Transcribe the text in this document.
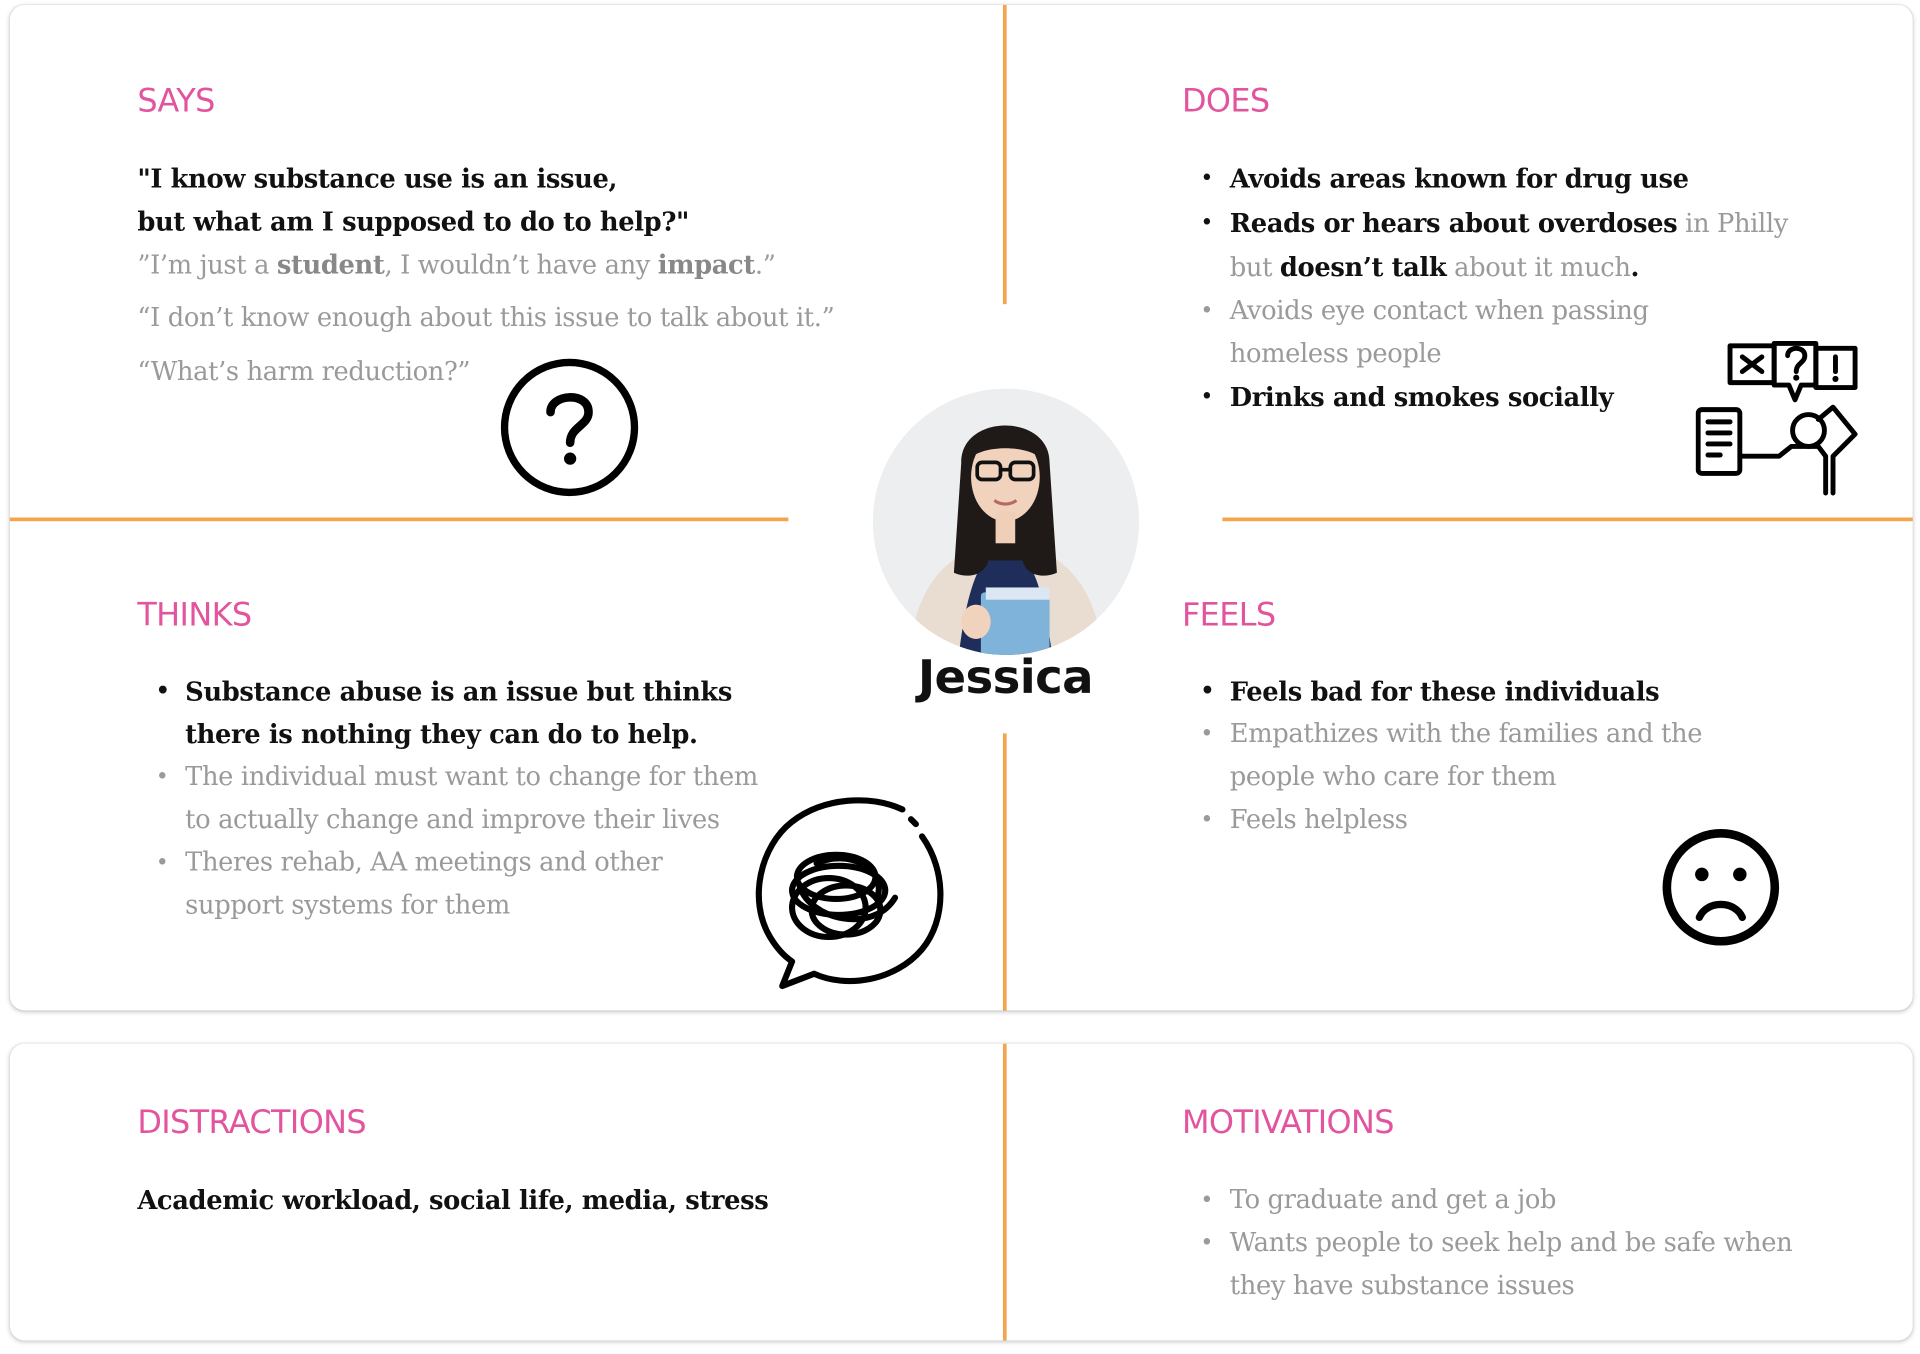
SAYS
"I know substance use is an issue,
but what am I supposed to do to help?"
”I’m just a student, I wouldn’t have any impact.”
“I don’t know enough about this issue to talk about it.”
“What’s harm reduction?”
DOES
• Avoids areas known for drug use
• Reads or hears about overdoses in Philly
but doesn’t talk about it much.
• Avoids eye contact when passing
homeless people
• Drinks and smokes socially
Jessica
THINKS
• Substance abuse is an issue but thinks
there is nothing they can do to help.
• The individual must want to change for them
to actually change and improve their lives
• Theres rehab, AA meetings and other
support systems for them
FEELS
• Feels bad for these individuals
• Empathizes with the families and the
people who care for them
• Feels helpless
DISTRACTIONS
Academic workload, social life, media, stress
MOTIVATIONS
• To graduate and get a job
• Wants people to seek help and be safe when
they have substance issues
